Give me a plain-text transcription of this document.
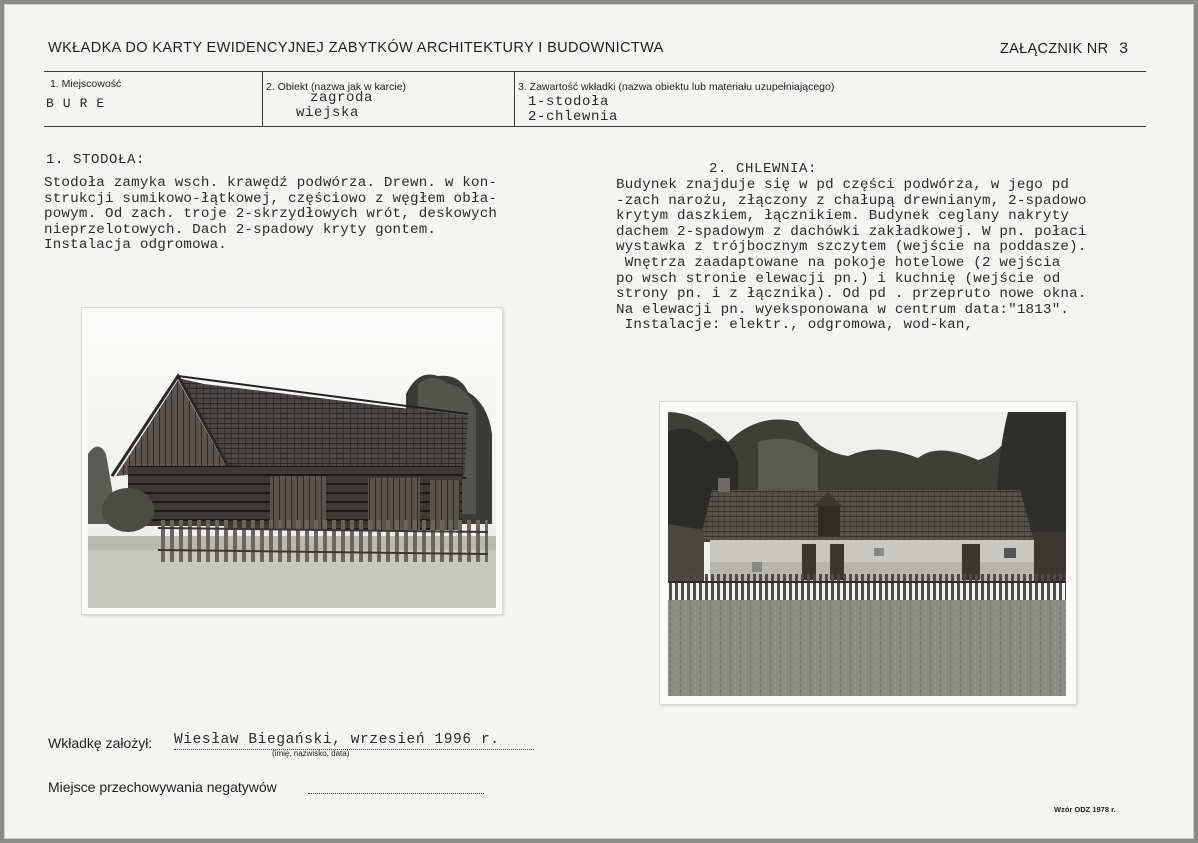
WKŁADKA DO KARTY EWIDENCYJNEJ ZABYTKÓW ARCHITEKTURY I BUDOWNICTWA	ZAŁĄCZNIK NR 3
1. Miejscowość
B U R E
2. Obiekt (nazwa jak w karcie)
zagroda
wiejska
3. Zawartość wkładki (nazwa obiektu lub materiału uzupełniającego)
1-stodoła
2-chlewnia
1. STODOŁA:
Stodoła zamyka wsch. krawędź podwórza. Drewn. w kon-
strukcji sumikowo-łątkowej, częściowo z węgłem obła-
powym. Od zach. troje 2-skrzydłowych wrót, deskowych
nieprzelotowych. Dach 2-spadowy kryty gontem.
Instalacja odgromowa.
2. CHLEWNIA:
Budynek znajduje się w pd części podwórza, w jego pd
-zach narożu, złączony z chałupą drewnianym, 2-spadowo
krytym daszkiem, łącznikiem. Budynek ceglany nakryty
dachem 2-spadowym z dachówki zakładkowej. W pn. połaci
wystawka z trójbocznym szczytem (wejście na poddasze).
Wnętrza zaadaptowane na pokoje hotelowe (2 wejścia
po wsch stronie elewacji pn.) i kuchnię (wejście od
strony pn. i z łącznika). Od pd . przepruto nowe okna.
Na elewacji pn. wyeksponowana w centrum data:"1813".
Instalacje: elektr., odgromowa, wod-kan,
Wkładkę założył: Wiesław Biegański, wrzesień 1996 r.
(imię, nazwisko, data)
Miejsce przechowywania negatywów
Wzór ODZ 1978 r.
